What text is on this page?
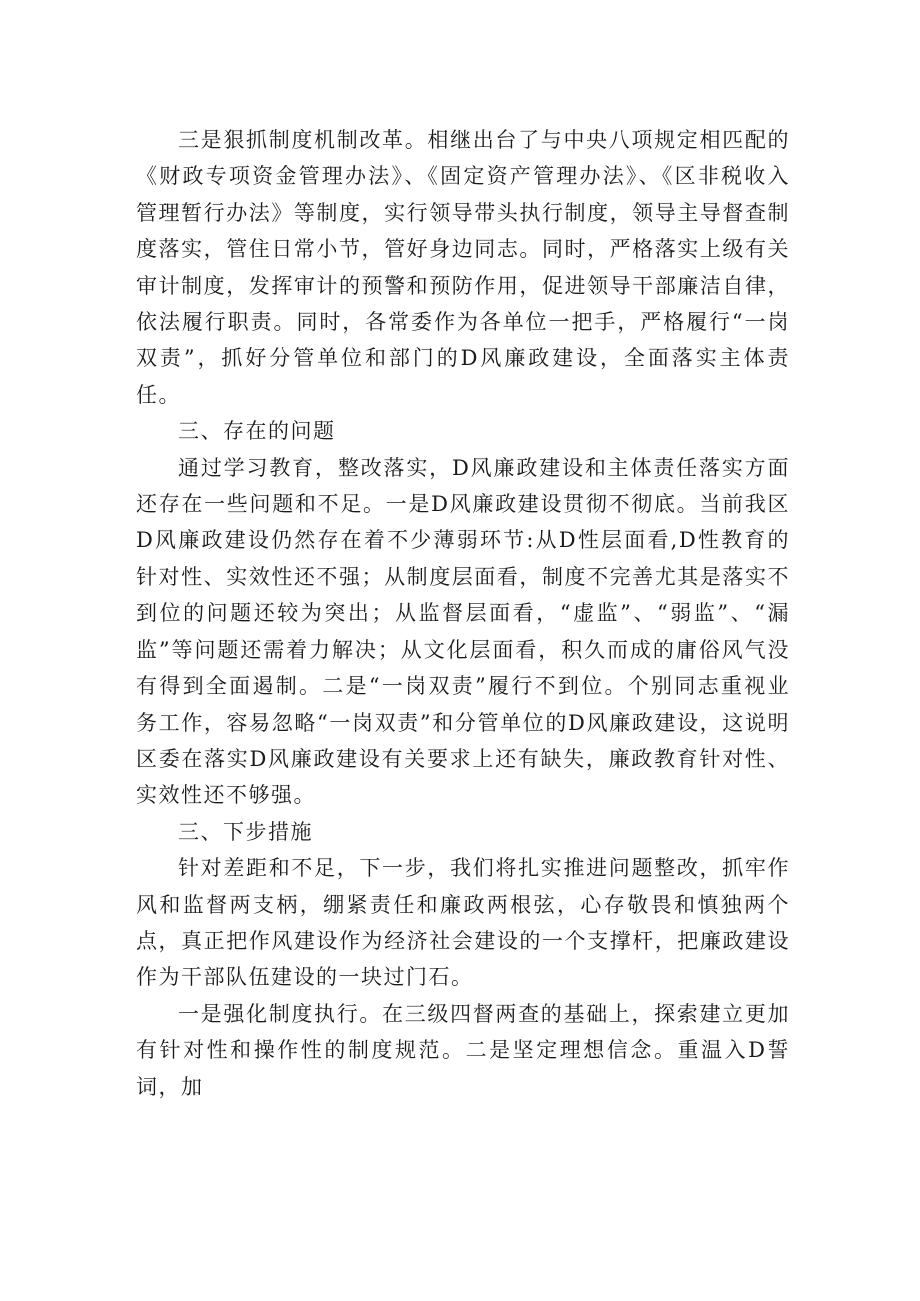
三是狠抓制度机制改革。相继出台了与中央八项规定相匹配的《财政专项资金管理办法》、《固定资产管理办法》、《区非税收入管理暂行办法》等制度，实行领导带头执行制度，领导主导督查制度落实，管住日常小节，管好身边同志。同时，严格落实上级有关审计制度，发挥审计的预警和预防作用，促进领导干部廉洁自律，依法履行职责。同时，各常委作为各单位一把手，严格履行“一岗双责”，抓好分管单位和部门的D风廉政建设，全面落实主体责任。

三、存在的问题

通过学习教育，整改落实，D风廉政建设和主体责任落实方面还存在一些问题和不足。一是D风廉政建设贯彻不彻底。当前我区D风廉政建设仍然存在着不少薄弱环节:从D性层面看,D性教育的针对性、实效性还不强；从制度层面看，制度不完善尤其是落实不到位的问题还较为突出；从监督层面看，“虚监”、“弱监”、“漏监”等问题还需着力解决；从文化层面看，积久而成的庸俗风气没有得到全面遏制。二是“一岗双责”履行不到位。个别同志重视业务工作，容易忽略“一岗双责”和分管单位的D风廉政建设，这说明区委在落实D风廉政建设有关要求上还有缺失，廉政教育针对性、实效性还不够强。

三、下步措施

针对差距和不足，下一步，我们将扎实推进问题整改，抓牢作风和监督两支柄，绷紧责任和廉政两根弦，心存敬畏和慎独两个点，真正把作风建设作为经济社会建设的一个支撑杆，把廉政建设作为干部队伍建设的一块过门石。

一是强化制度执行。在三级四督两查的基础上，探索建立更加有针对性和操作性的制度规范。二是坚定理想信念。重温入D誓词，加
